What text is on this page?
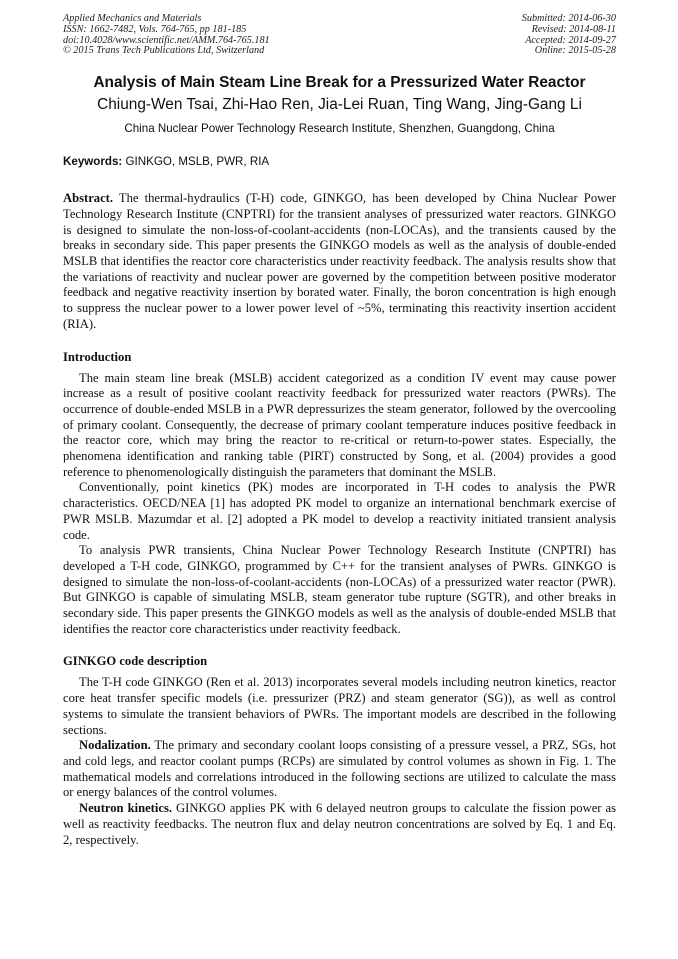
Applied Mechanics and Materials
ISSN: 1662-7482, Vols. 764-765, pp 181-185
doi:10.4028/www.scientific.net/AMM.764-765.181
© 2015 Trans Tech Publications Ltd, Switzerland
Submitted: 2014-06-30
Revised: 2014-08-11
Accepted: 2014-09-27
Online: 2015-05-28
Analysis of Main Steam Line Break for a Pressurized Water Reactor
Chiung-Wen Tsai, Zhi-Hao Ren, Jia-Lei Ruan, Ting Wang, Jing-Gang Li
China Nuclear Power Technology Research Institute, Shenzhen, Guangdong, China
Keywords: GINKGO, MSLB, PWR, RIA

Abstract. The thermal-hydraulics (T-H) code, GINKGO, has been developed by China Nuclear Power Technology Research Institute (CNPTRI) for the transient analyses of pressurized water reactors. GINKGO is designed to simulate the non-loss-of-coolant-accidents (non-LOCAs), and the transients caused by the breaks in secondary side. This paper presents the GINKGO models as well as the analysis of double-ended MSLB that identifies the reactor core characteristics under reactivity feedback. The analysis results show that the variations of reactivity and nuclear power are governed by the competition between positive moderator feedback and negative reactivity insertion by borated water. Finally, the boron concentration is high enough to suppress the nuclear power to a lower power level of ~5%, terminating this reactivity insertion accident (RIA).

Introduction

The main steam line break (MSLB) accident categorized as a condition IV event may cause power increase as a result of positive coolant reactivity feedback for pressurized water reactors (PWRs). The occurrence of double-ended MSLB in a PWR depressurizes the steam generator, followed by the overcooling of primary coolant. Consequently, the decrease of primary coolant temperature induces positive feedback in the reactor core, which may bring the reactor to re-critical or return-to-power states. Especially, the phenomena identification and ranking table (PIRT) constructed by Song, et al. (2004) provides a good reference to phenomenologically distinguish the parameters that dominant the MSLB.

Conventionally, point kinetics (PK) modes are incorporated in T-H codes to analysis the PWR characteristics. OECD/NEA [1] has adopted PK model to organize an international benchmark exercise of PWR MSLB. Mazumdar et al. [2] adopted a PK model to develop a reactivity initiated transient analysis code.

To analysis PWR transients, China Nuclear Power Technology Research Institute (CNPTRI) has developed a T-H code, GINKGO, programmed by C++ for the transient analyses of PWRs. GINKGO is designed to simulate the non-loss-of-coolant-accidents (non-LOCAs) of a pressurized water reactor (PWR). But GINKGO is capable of simulating MSLB, steam generator tube rupture (SGTR), and other breaks in secondary side. This paper presents the GINKGO models as well as the analysis of double-ended MSLB that identifies the reactor core characteristics under reactivity feedback.

GINKGO code description

The T-H code GINKGO (Ren et al. 2013) incorporates several models including neutron kinetics, reactor core heat transfer specific models (i.e. pressurizer (PRZ) and steam generator (SG)), as well as control systems to simulate the transient behaviors of PWRs. The important models are described in the following sections.

Nodalization. The primary and secondary coolant loops consisting of a pressure vessel, a PRZ, SGs, hot and cold legs, and reactor coolant pumps (RCPs) are simulated by control volumes as shown in Fig. 1. The mathematical models and correlations introduced in the following sections are utilized to calculate the mass or energy balances of the control volumes.

Neutron kinetics. GINKGO applies PK with 6 delayed neutron groups to calculate the fission power as well as reactivity feedbacks. The neutron flux and delay neutron concentrations are solved by Eq. 1 and Eq. 2, respectively.
